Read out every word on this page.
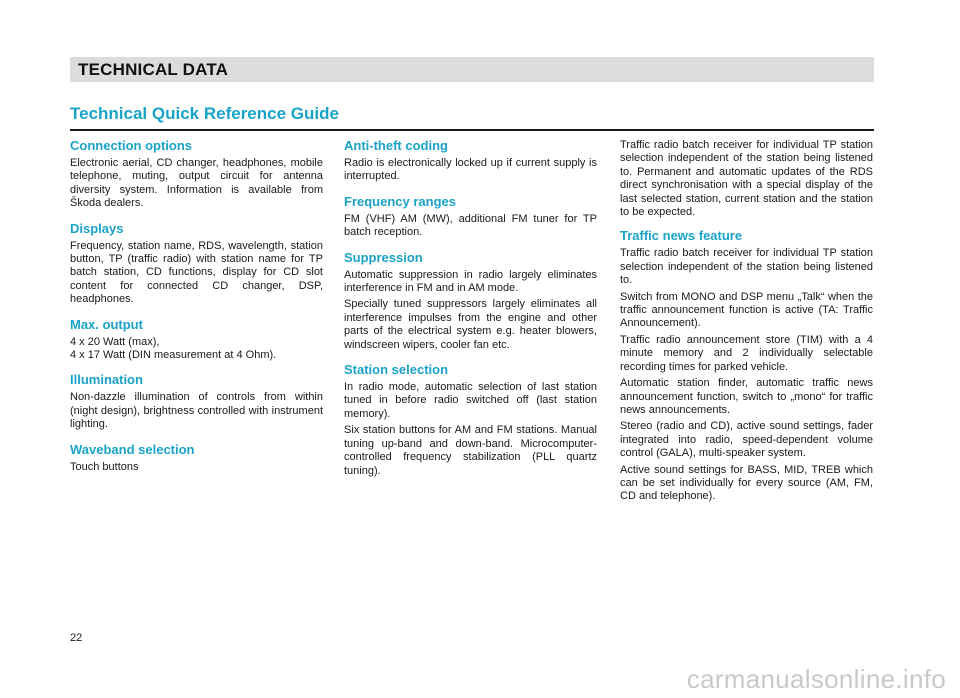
TECHNICAL DATA
Technical Quick Reference Guide
Connection options

Electronic aerial, CD changer, headphones, mobile telephone, muting, output circuit for antenna diversity system. Information is available from Škoda dealers.

Displays

Frequency, station name, RDS, wavelength, station button, TP (traffic radio) with station name for TP batch station, CD functions, display for CD slot content for connected CD changer, DSP, headphones.

Max. output

4 x 20 Watt (max),

4 x 17 Watt (DIN measurement at 4 Ohm).

Illumination

Non-dazzle illumination of controls from within (night design), brightness controlled with instrument lighting.

Waveband selection

Touch buttons

Anti-theft coding

Radio is electronically locked up if current supply is interrupted.

Frequency ranges

FM (VHF) AM (MW), additional FM tuner for TP batch reception.

Suppression

Automatic suppression in radio largely eliminates interference in FM and in AM mode.

Specially tuned suppressors largely eliminates all interference impulses from the engine and other parts of the electrical system e.g. heater blowers, windscreen wipers, cooler fan etc.

Station selection

In radio mode, automatic selection of last station tuned in before radio switched off (last station memory).

Six station buttons for AM and FM stations. Manual tuning up-band and down-band. Microcomputer-controlled frequency stabilization (PLL quartz tuning).

Traffic radio batch receiver for individual TP station selection independent of the station being listened to. Permanent and automatic updates of the RDS direct synchronisation with a special display of the last selected station, current station and the station to be expected.

Traffic news feature

Traffic radio batch receiver for individual TP station selection independent of the station being listened to.

Switch from MONO and DSP menu „Talk“ when the traffic announcement function is active (TA: Traffic Announcement).

Traffic radio announcement store (TIM) with a 4 minute memory and 2 individually selectable recording times for parked vehicle.

Automatic station finder, automatic traffic news announcement function, switch to „mono“ for traffic news announcements.

Stereo (radio and CD), active sound settings, fader integrated into radio, speed-dependent volume control (GALA), multi-speaker system.

Active sound settings for BASS, MID, TREB which can be set individually for every source (AM, FM, CD and telephone).

22
carmanualsonline.info
